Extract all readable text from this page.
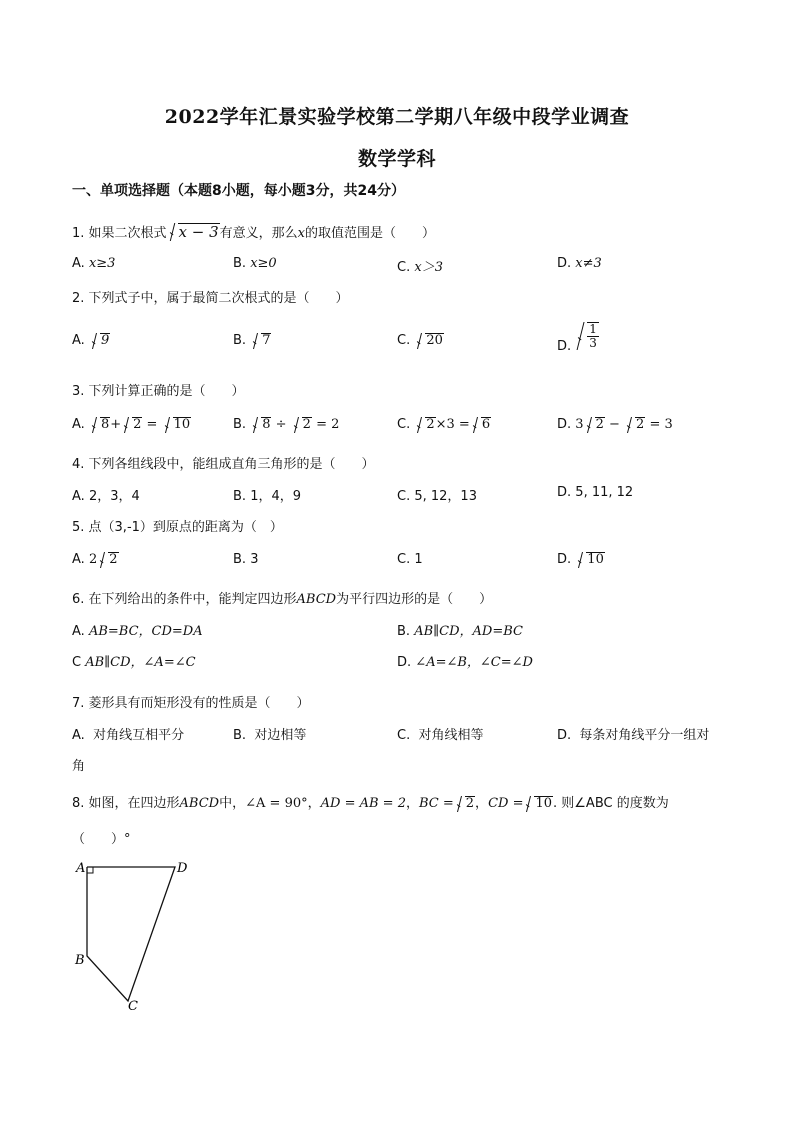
2022学年汇景实验学校第二学期八年级中段学业调查
数学学科
一、单项选择题（本题8小题，每小题3分，共24分）
1. 如果二次根式 x − 3有意义，那么x的取值范围是（　　）
A. x≥3	B. x≥0	C. x＞3	D. x≠3
2. 下列式子中，属于最简二次根式的是（　　）
A. 9	B. 7	C. 20	D. $\frac{1}{3}$
3. 下列计算正确的是（　　）
A. 8+ 2 = 10	B. 8 ÷ 2 = 2	C. 2×3 = 6	D. 3 2 − 2 = 3
4. 下列各组线段中，能组成直角三角形的是（　　）
A. 2，3，4	B. 1，4，9	C. 5, 12，13	D. 5, 11, 12
5. 点（3,-1）到原点的距离为（　）
A. 2 2	B. 3	C. 1	D. 10
6. 在下列给出的条件中，能判定四边形ABCD为平行四边形的是（　　）
A. AB=BC，CD=DA	B. AB∥CD，AD=BC
C AB∥CD，∠A=∠C	D. ∠A=∠B，∠C=∠D
7. 菱形具有而矩形没有的性质是（　　）
A. 对角线互相平分	B. 对边相等	C. 对角线相等	D. 每条对角线平分一组对
角
8. 如图，在四边形ABCD中，∠A = 90°，AD = AB = 2，BC = 2，CD = 10. 则∠ABC 的度数为
（　　）°
A	D
B
C
